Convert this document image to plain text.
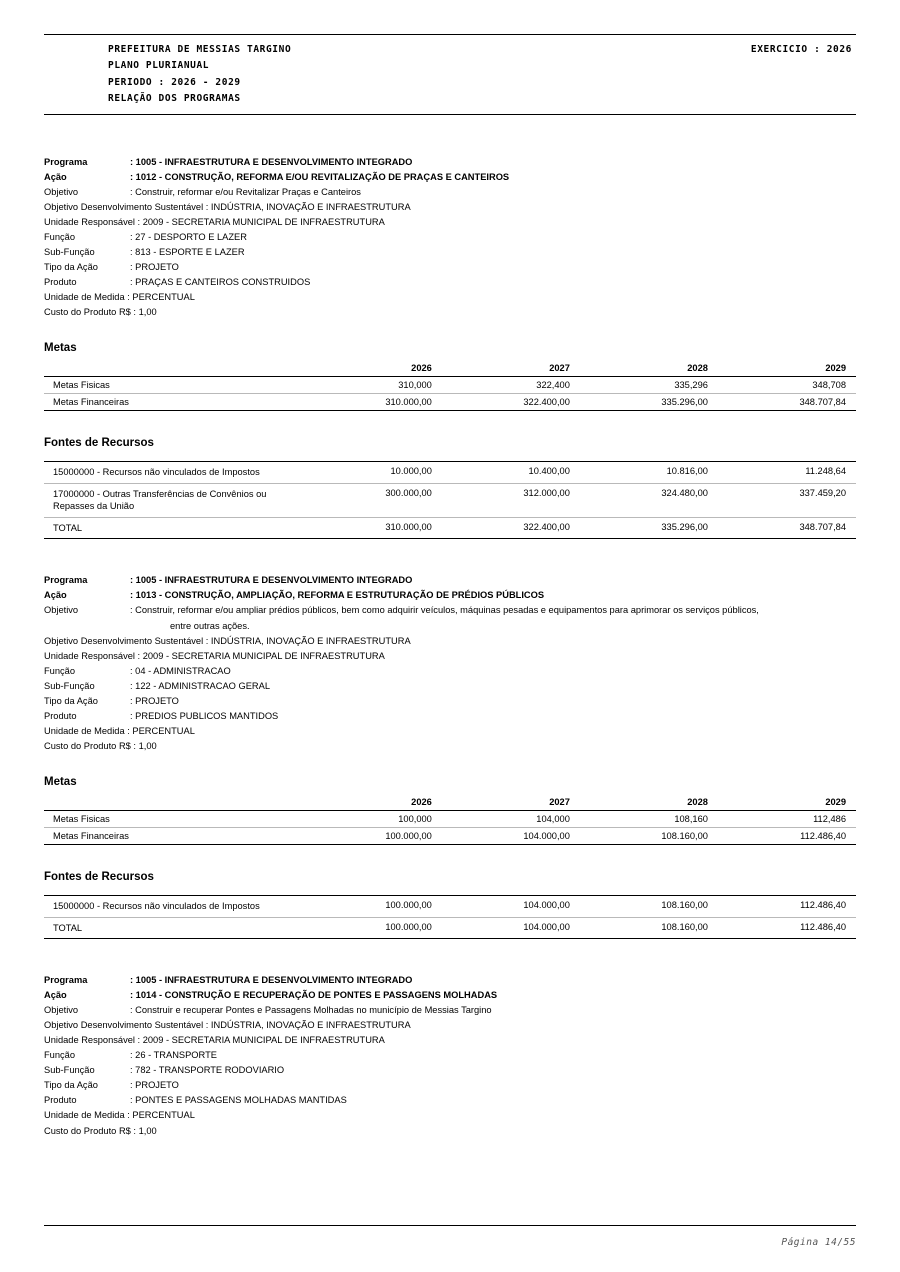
PREFEITURA DE MESSIAS TARGINO
PLANO PLURIANUAL
PERIODO : 2026 - 2029
RELAÇÃO DOS PROGRAMAS
EXERCICIO : 2026
Programa	: 1005 - INFRAESTRUTURA E DESENVOLVIMENTO INTEGRADO
Ação	: 1012 - CONSTRUÇÃO, REFORMA E/OU REVITALIZAÇÃO DE PRAÇAS E CANTEIROS
Objetivo	: Construir, reformar e/ou Revitalizar Praças e Canteiros
Objetivo Desenvolvimento Sustentável : INDÚSTRIA, INOVAÇÃO E INFRAESTRUTURA
Unidade Responsável : 2009 - SECRETARIA MUNICIPAL DE INFRAESTRUTURA
Função	: 27 - DESPORTO E LAZER
Sub-Função	: 813 - ESPORTE E LAZER
Tipo da Ação	: PROJETO
Produto	: PRAÇAS E CANTEIROS CONSTRUIDOS
Unidade de Medida : PERCENTUAL
Custo do Produto R$ : 1,00
Metas
	2026	2027	2028	2029
Metas Fisicas	310,000	322,400	335,296	348,708
Metas Financeiras	310.000,00	322.400,00	335.296,00	348.707,84
Fontes de Recursos
15000000 - Recursos não vinculados de Impostos	10.000,00	10.400,00	10.816,00	11.248,64
17000000 - Outras Transferências de Convênios ou Repasses da União	300.000,00	312.000,00	324.480,00	337.459,20
TOTAL	310.000,00	322.400,00	335.296,00	348.707,84
Programa	: 1005 - INFRAESTRUTURA E DESENVOLVIMENTO INTEGRADO
Ação	: 1013 - CONSTRUÇÃO, AMPLIAÇÃO, REFORMA E ESTRUTURAÇÃO DE PRÉDIOS PÚBLICOS
Objetivo	: Construir, reformar e/ou ampliar prédios públicos, bem como adquirir veículos, máquinas pesadas e equipamentos para aprimorar os serviços públicos,
entre outras ações.
Objetivo Desenvolvimento Sustentável : INDÚSTRIA, INOVAÇÃO E INFRAESTRUTURA
Unidade Responsável : 2009 - SECRETARIA MUNICIPAL DE INFRAESTRUTURA
Função	: 04 - ADMINISTRACAO
Sub-Função	: 122 - ADMINISTRACAO GERAL
Tipo da Ação	: PROJETO
Produto	: PREDIOS PUBLICOS MANTIDOS
Unidade de Medida : PERCENTUAL
Custo do Produto R$ : 1,00
Metas
	2026	2027	2028	2029
Metas Fisicas	100,000	104,000	108,160	112,486
Metas Financeiras	100.000,00	104.000,00	108.160,00	112.486,40
Fontes de Recursos
15000000 - Recursos não vinculados de Impostos	100.000,00	104.000,00	108.160,00	112.486,40
TOTAL	100.000,00	104.000,00	108.160,00	112.486,40
Programa	: 1005 - INFRAESTRUTURA E DESENVOLVIMENTO INTEGRADO
Ação	: 1014 - CONSTRUÇÃO E RECUPERAÇÃO DE PONTES E PASSAGENS MOLHADAS
Objetivo	: Construir e recuperar Pontes e Passagens Molhadas no município de Messias Targino
Objetivo Desenvolvimento Sustentável : INDÚSTRIA, INOVAÇÃO E INFRAESTRUTURA
Unidade Responsável : 2009 - SECRETARIA MUNICIPAL DE INFRAESTRUTURA
Função	: 26 - TRANSPORTE
Sub-Função	: 782 - TRANSPORTE RODOVIARIO
Tipo da Ação	: PROJETO
Produto	: PONTES E PASSAGENS MOLHADAS MANTIDAS
Unidade de Medida : PERCENTUAL
Custo do Produto R$ : 1,00
Página 14/55
